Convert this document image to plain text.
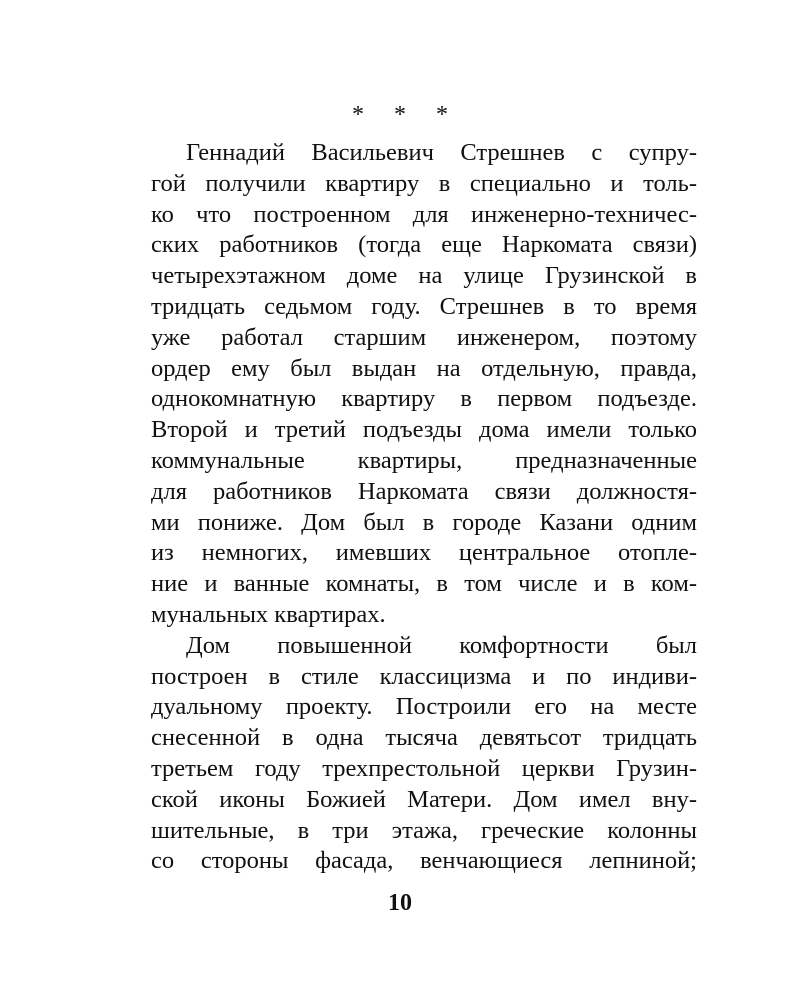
* * *
Геннадий Васильевич Стрешнев с супру-
гой получили квартиру в специально и толь-
ко что построенном для инженерно-техничес-
ских работников (тогда еще Наркомата связи)
четырехэтажном доме на улице Грузинской в
тридцать седьмом году. Стрешнев в то время
уже работал старшим инженером, поэтому
ордер ему был выдан на отдельную, правда,
однокомнатную квартиру в первом подъезде.
Второй и третий подъезды дома имели только
коммунальные квартиры, предназначенные
для работников Наркомата связи должностя-
ми пониже. Дом был в городе Казани одним
из немногих, имевших центральное отопле-
ние и ванные комнаты, в том числе и в ком-
мунальных квартирах.
Дом повышенной комфортности был
построен в стиле классицизма и по индиви-
дуальному проекту. Построили его на месте
снесенной в одна тысяча девятьсот тридцать
третьем году трехпрестольной церкви Грузин-
ской иконы Божией Матери. Дом имел вну-
шительные, в три этажа, греческие колонны
со стороны фасада, венчающиеся лепниной;
10
